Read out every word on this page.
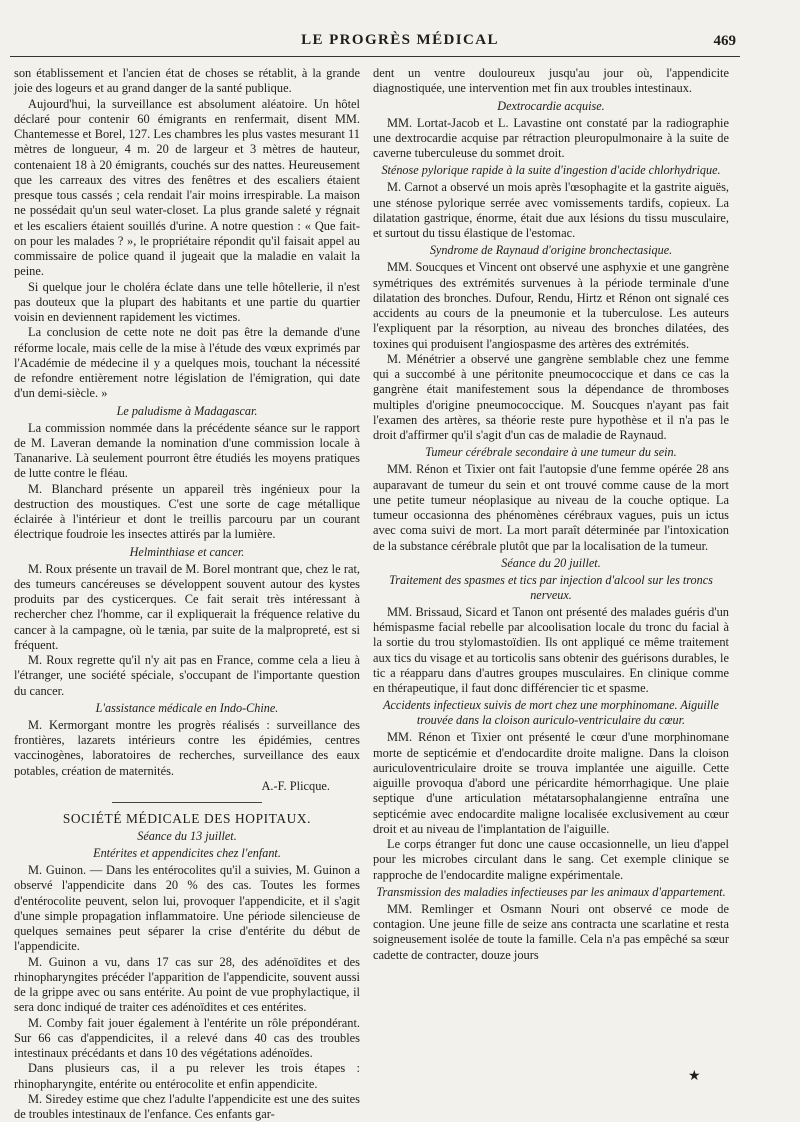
LE PROGRÈS MÉDICAL	469

son établissement et l'ancien état de choses se rétablit, à la grande joie des logeurs et au grand danger de la santé publique.

Aujourd'hui, la surveillance est absolument aléatoire. Un hôtel déclaré pour contenir 60 émigrants en renfermait, disent MM. Chantemesse et Borel, 127. Les chambres les plus vastes mesurant 11 mètres de longueur, 4 m. 20 de largeur et 3 mètres de hauteur, contenaient 18 à 20 émigrants, couchés sur des nattes. Heureusement que les carreaux des vitres des fenêtres et des escaliers étaient presque tous cassés ; cela rendait l'air moins irrespirable. La maison ne possédait qu'un seul water-closet. La plus grande saleté y régnait et les escaliers étaient souillés d'urine. A notre question : « Que fait-on pour les malades ? », le propriétaire répondit qu'il faisait appel au commissaire de police quand il jugeait que la maladie en valait la peine.

Si quelque jour le choléra éclate dans une telle hôtellerie, il n'est pas douteux que la plupart des habitants et une partie du quartier voisin en deviennent rapidement les victimes.

La conclusion de cette note ne doit pas être la demande d'une réforme locale, mais celle de la mise à l'étude des vœux exprimés par l'Académie de médecine il y a quelques mois, touchant la nécessité de refondre entièrement notre législation de l'émigration, qui date d'un demi-siècle. »

Le paludisme à Madagascar.

La commission nommée dans la précédente séance sur le rapport de M. Laveran demande la nomination d'une commission locale à Tananarive. Là seulement pourront être étudiés les moyens pratiques de lutte contre le fléau.

M. Blanchard présente un appareil très ingénieux pour la destruction des moustiques. C'est une sorte de cage métallique éclairée à l'intérieur et dont le treillis parcouru par un courant électrique foudroie les insectes attirés par la lumière.

Helminthiase et cancer.

M. Roux présente un travail de M. Borel montrant que, chez le rat, des tumeurs cancéreuses se développent souvent autour des kystes produits par des cysticerques. Ce fait serait très intéressant à rechercher chez l'homme, car il expliquerait la fréquence relative du cancer à la campagne, où le tænia, par suite de la malpropreté, est si fréquent.

M. Roux regrette qu'il n'y ait pas en France, comme cela a lieu à l'étranger, une société spéciale, s'occupant de l'importante question du cancer.

L'assistance médicale en Indo-Chine.

M. Kermorgant montre les progrès réalisés : surveillance des frontières, lazarets intérieurs contre les épidémies, centres vaccinogènes, laboratoires de recherches, surveillance des eaux potables, création de maternités.

A.-F. Plicque.
SOCIÉTÉ MÉDICALE DES HOPITAUX.
Séance du 13 juillet.
Entérites et appendicites chez l'enfant.

M. Guinon. — Dans les entérocolites qu'il a suivies, M. Guinon a observé l'appendicite dans 20 % des cas. Toutes les formes d'entérocolite peuvent, selon lui, provoquer l'appendicite, et il s'agit d'une simple propagation inflammatoire. Une période silencieuse de quelques semaines peut séparer la crise d'entérite du début de l'appendicite.

M. Guinon a vu, dans 17 cas sur 28, des adénoïdites et des rhinopharyngites précéder l'apparition de l'appendicite, souvent aussi de la grippe avec ou sans entérite. Au point de vue prophylactique, il sera donc indiqué de traiter ces adénoïdites et ces entérites.

M. Comby fait jouer également à l'entérite un rôle prépondérant. Sur 66 cas d'appendicites, il a relevé dans 40 cas des troubles intestinaux précédants et dans 10 des végétations adénoïdes.

Dans plusieurs cas, il a pu relever les trois étapes : rhinopharyngite, entérite ou entérocolite et enfin appendicite.

M. Siredey estime que chez l'adulte l'appendicite est une des suites de troubles intestinaux de l'enfance. Ces enfants gar-

dent un ventre douloureux jusqu'au jour où, l'appendicite diagnostiquée, une intervention met fin aux troubles intestinaux.

Dextrocardie acquise.

MM. Lortat-Jacob et L. Lavastine ont constaté par la radiographie une dextrocardie acquise par rétraction pleuropulmonaire à la suite de caverne tuberculeuse du sommet droit.

Sténose pylorique rapide à la suite d'ingestion d'acide chlorhydrique.

M. Carnot a observé un mois après l'œsophagite et la gastrite aiguës, une sténose pylorique serrée avec vomissements tardifs, copieux. La dilatation gastrique, énorme, était due aux lésions du tissu musculaire, et surtout du tissu élastique de l'estomac.

Syndrome de Raynaud d'origine bronchectasique.

MM. Soucques et Vincent ont observé une asphyxie et une gangrène symétriques des extrémités survenues à la période terminale d'une dilatation des bronches. Dufour, Rendu, Hirtz et Rénon ont signalé ces accidents au cours de la pneumonie et la tuberculose. Les auteurs l'expliquent par la résorption, au niveau des bronches dilatées, des toxines qui produisent l'angiospasme des artères des extrémités.

M. Ménétrier a observé une gangrène semblable chez une femme qui a succombé à une péritonite pneumococcique et dans ce cas la gangrène était manifestement sous la dépendance de thromboses multiples d'origine pneumococcique. M. Soucques n'ayant pas fait l'examen des artères, sa théorie reste pure hypothèse et il n'a pas le droit d'affirmer qu'il s'agit d'un cas de maladie de Raynaud.

Tumeur cérébrale secondaire à une tumeur du sein.

MM. Rénon et Tixier ont fait l'autopsie d'une femme opérée 28 ans auparavant de tumeur du sein et ont trouvé comme cause de la mort une petite tumeur néoplasique au niveau de la couche optique. La tumeur occasionna des phénomènes cérébraux vagues, puis un ictus avec coma suivi de mort. La mort paraît déterminée par l'intoxication de la substance cérébrale plutôt que par la localisation de la tumeur.

Séance du 20 juillet.
Traitement des spasmes et tics par injection d'alcool sur les troncs nerveux.

MM. Brissaud, Sicard et Tanon ont présenté des malades guéris d'un hémispasme facial rebelle par alcoolisation locale du tronc du facial à la sortie du trou stylomastoïdien. Ils ont appliqué ce même traitement aux tics du visage et au torticolis sans obtenir des guérisons durables, le tic a réapparu dans d'autres groupes musculaires. En clinique comme en thérapeutique, il faut donc différencier tic et spasme.

Accidents infectieux suivis de mort chez une morphinomane. Aiguille trouvée dans la cloison auriculo-ventriculaire du cœur.

MM. Rénon et Tixier ont présenté le cœur d'une morphinomane morte de septicémie et d'endocardite droite maligne. Dans la cloison auriculoventriculaire droite se trouva implantée une aiguille. Cette aiguille provoqua d'abord une péricardite hémorrhagique. Une plaie septique d'une articulation métatarsophalangienne entraîna une septicémie avec endocardite maligne localisée exclusivement au cœur droit et au niveau de l'implantation de l'aiguille.

Le corps étranger fut donc une cause occasionnelle, un lieu d'appel pour les microbes circulant dans le sang. Cet exemple clinique se rapproche de l'endocardite maligne expérimentale.

Transmission des maladies infectieuses par les animaux d'appartement.

MM. Remlinger et Osmann Nouri ont observé ce mode de contagion. Une jeune fille de seize ans contracta une scarlatine et resta soigneusement isolée de toute la famille. Cela n'a pas empêché sa sœur cadette de contracter, douze jours

★
